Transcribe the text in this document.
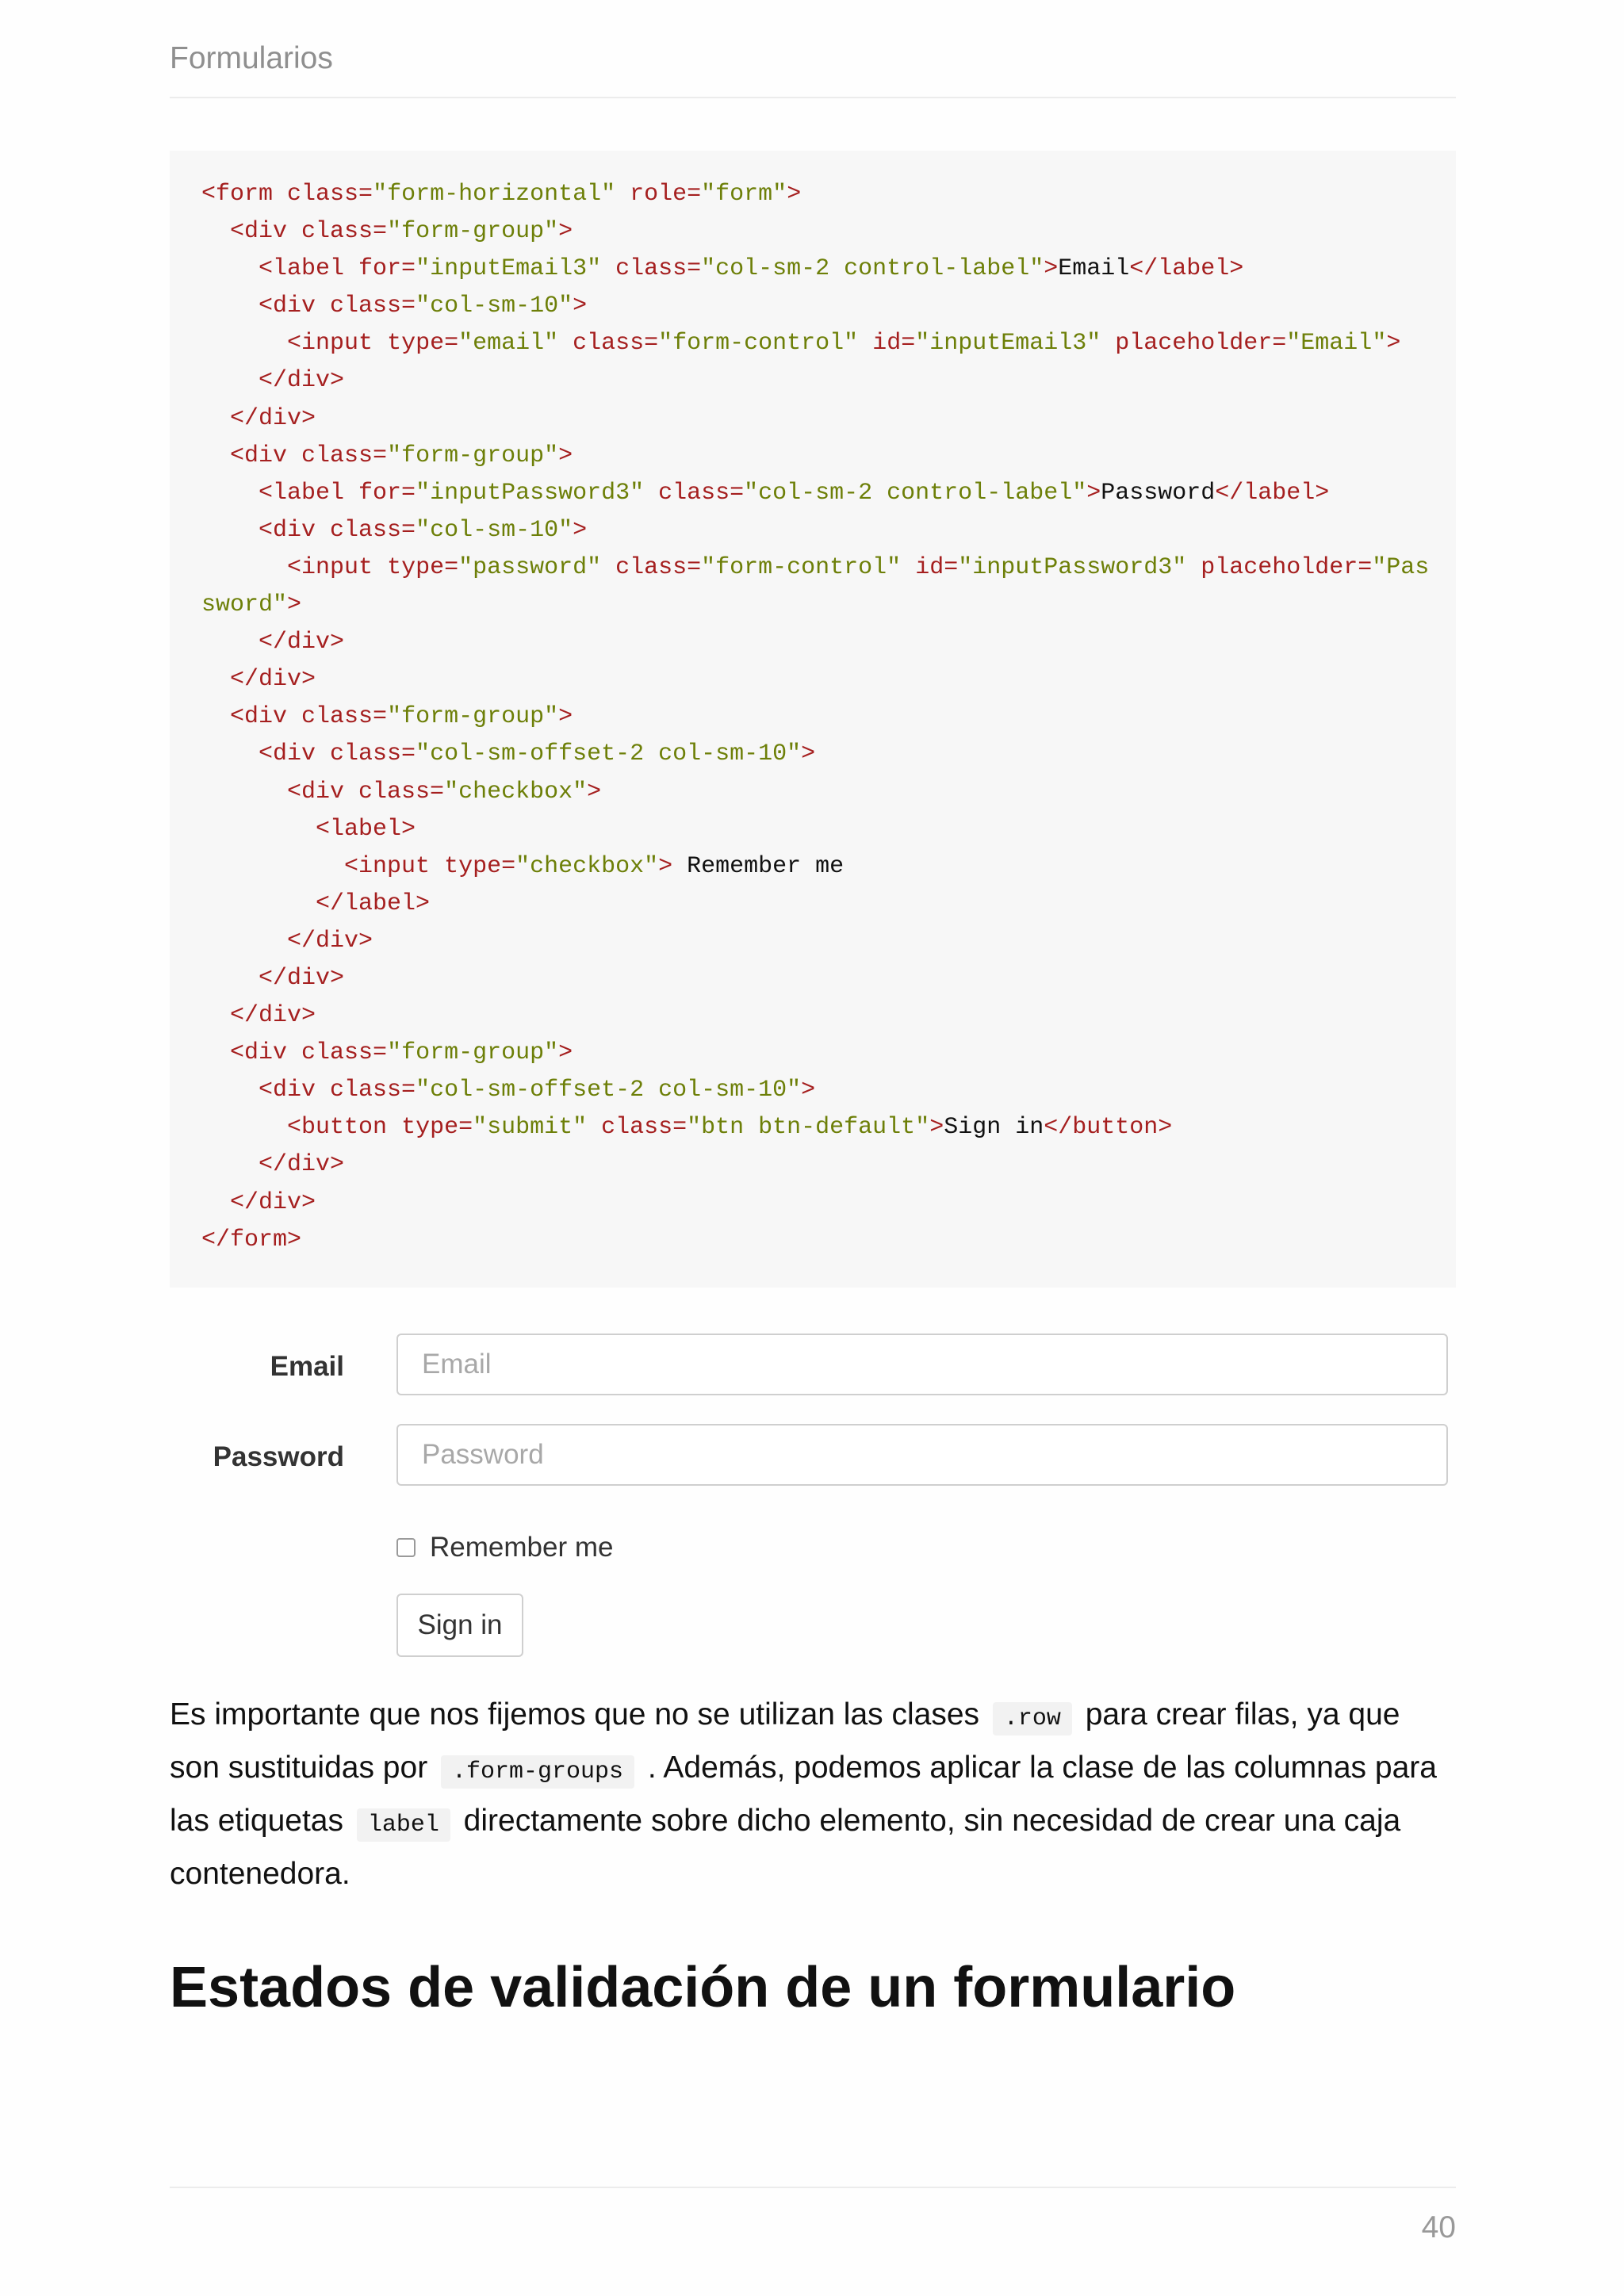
Formularios
<form class="form-horizontal" role="form">
<div class="form-group">
<label for="inputEmail3" class="col-sm-2 control-label">Email</label>
<div class="col-sm-10">
<input type="email" class="form-control" id="inputEmail3" placeholder="Email">
</div>
</div>
<div class="form-group">
<label for="inputPassword3" class="col-sm-2 control-label">Password</label>
<div class="col-sm-10">
<input type="password" class="form-control" id="inputPassword3" placeholder="Pas
sword">
</div>
</div>
<div class="form-group">
<div class="col-sm-offset-2 col-sm-10">
<div class="checkbox">
<label>
<input type="checkbox"> Remember me
</label>
</div>
</div>
</div>
<div class="form-group">
<div class="col-sm-offset-2 col-sm-10">
<button type="submit" class="btn btn-default">Sign in</button>
</div>
</div>
</form>
Email	Email
Password	Password
Remember me
Sign in
Es importante que nos fijemos que no se utilizan las clases .row para crear filas, ya que son sustituidas por .form-groups . Además, podemos aplicar la clase de las columnas para las etiquetas label directamente sobre dicho elemento, sin necesidad de crear una caja contenedora.
Estados de validación de un formulario
40
